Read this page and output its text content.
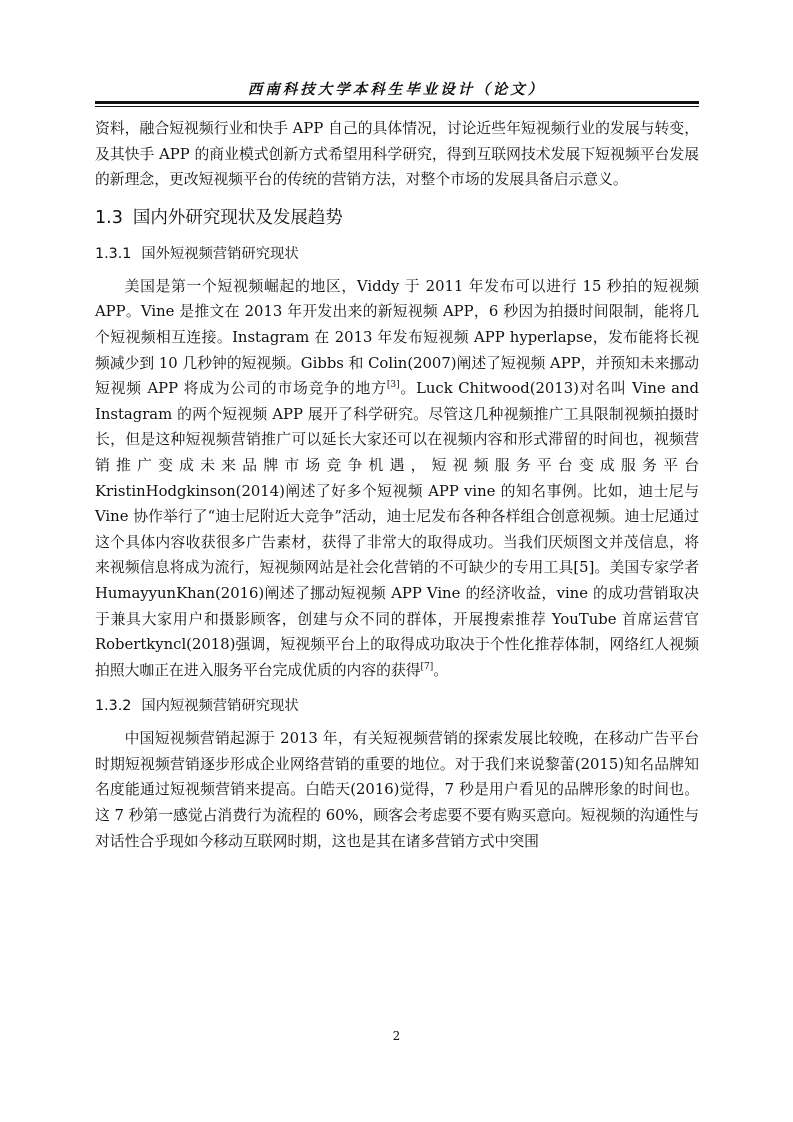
西南科技大学本科生毕业设计（论文）

资料，融合短视频行业和快手 APP 自己的具体情况，讨论近些年短视频行业的发展与转变，及其快手 APP 的商业模式创新方式希望用科学研究，得到互联网技术发展下短视频平台发展的新理念，更改短视频平台的传统的营销方法，对整个市场的发展具备启示意义。

1.3 国内外研究现状及发展趋势
1.3.1 国外短视频营销研究现状

美国是第一个短视频崛起的地区，Viddy 于 2011 年发布可以进行 15 秒拍的短视频 APP。Vine 是推文在 2013 年开发出来的新短视频 APP，6 秒因为拍摄时间限制，能将几个短视频相互连接。Instagram 在 2013 年发布短视频 APP hyperlapse，发布能将长视频减少到 10 几秒钟的短视频。Gibbs 和 Colin(2007)阐述了短视频 APP，并预知未来挪动短视频 APP 将成为公司的市场竞争的地方[3]。Luck Chitwood(2013)对名叫 Vine and Instagram 的两个短视频 APP 展开了科学研究。尽管这几种视频推广工具限制视频拍摄时长，但是这种短视频营销推广可以延长大家还可以在视频内容和形式滞留的时间也，视频营销推广变成未来品牌市场竞争机遇，短视频服务平台变成服务平台 KristinHodgkinson(2014)阐述了好多个短视频 APP vine 的知名事例。比如，迪士尼与 Vine 协作举行了“迪士尼附近大竞争”活动，迪士尼发布各种各样组合创意视频。迪士尼通过这个具体内容收获很多广告素材，获得了非常大的取得成功。当我们厌烦图文并茂信息，将来视频信息将成为流行，短视频网站是社会化营销的不可缺少的专用工具[5]。美国专家学者 HumayyunKhan(2016)阐述了挪动短视频 APP Vine 的经济收益，vine 的成功营销取决于兼具大家用户和摄影顾客，创建与众不同的群体，开展搜索推荐 YouTube 首席运营官 Robertkyncl(2018)强调，短视频平台上的取得成功取决于个性化推荐体制，网络红人视频拍照大咖正在进入服务平台完成优质的内容的获得[7]。

1.3.2 国内短视频营销研究现状

中国短视频营销起源于 2013 年，有关短视频营销的探索发展比较晚，在移动广告平台时期短视频营销逐步形成企业网络营销的重要的地位。对于我们来说黎蕾(2015)知名品牌知名度能通过短视频营销来提高。白皓天(2016)觉得，7 秒是用户看见的品牌形象的时间也。这 7 秒第一感觉占消费行为流程的 60%，顾客会考虑要不要有购买意向。短视频的沟通性与对话性合乎现如今移动互联网时期，这也是其在诸多营销方式中突围

2
